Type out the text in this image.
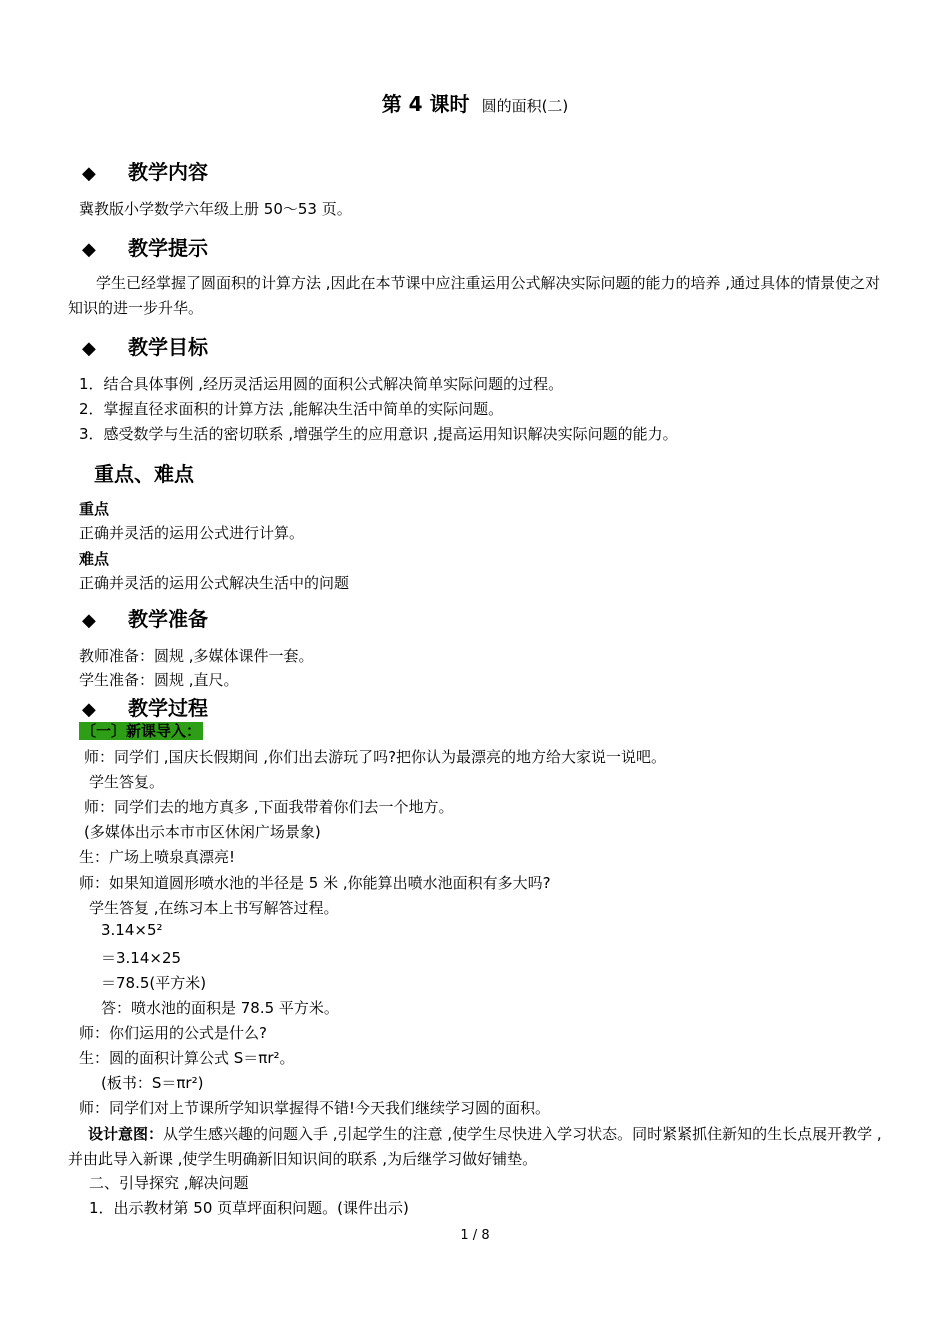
第 4 课时 圆的面积(二)
◆ 教学内容
冀教版小学数学六年级上册 50～53 页。
◆ 教学提示
学生已经掌握了圆面积的计算方法 ,因此在本节课中应注重运用公式解决实际问题的能力的培养 ,通过具体的情景使之对知识的进一步升华。
◆ 教学目标
1．结合具体事例 ,经历灵活运用圆的面积公式解决简单实际问题的过程。
2．掌握直径求面积的计算方法 ,能解决生活中简单的实际问题。
3．感受数学与生活的密切联系 ,增强学生的应用意识 ,提高运用知识解决实际问题的能力。
重点、难点
重点
正确并灵活的运用公式进行计算。
难点
正确并灵活的运用公式解决生活中的问题
◆ 教学准备
教师准备：圆规 ,多媒体课件一套。
学生准备：圆规 ,直尺。
◆ 教学过程
〔一〕新课导入：
师：同学们 ,国庆长假期间 ,你们出去游玩了吗?把你认为最漂亮的地方给大家说一说吧。
学生答复。
师：同学们去的地方真多 ,下面我带着你们去一个地方。
(多媒体出示本市市区休闲广场景象)
生：广场上喷泉真漂亮!
师：如果知道圆形喷水池的半径是 5 米 ,你能算出喷水池面积有多大吗?
学生答复 ,在练习本上书写解答过程。
3.14×5²
＝3.14×25
＝78.5(平方米)
答：喷水池的面积是 78.5 平方米。
师：你们运用的公式是什么?
生：圆的面积计算公式 S＝πr²。
(板书：S＝πr²)
师：同学们对上节课所学知识掌握得不错!今天我们继续学习圆的面积。
设计意图：从学生感兴趣的问题入手 ,引起学生的注意 ,使学生尽快进入学习状态。同时紧紧抓住新知的生长点展开教学 ,并由此导入新课 ,使学生明确新旧知识间的联系 ,为后继学习做好铺垫。
二、引导探究 ,解决问题
1．出示教材第 50 页草坪面积问题。(课件出示)
1 / 8
